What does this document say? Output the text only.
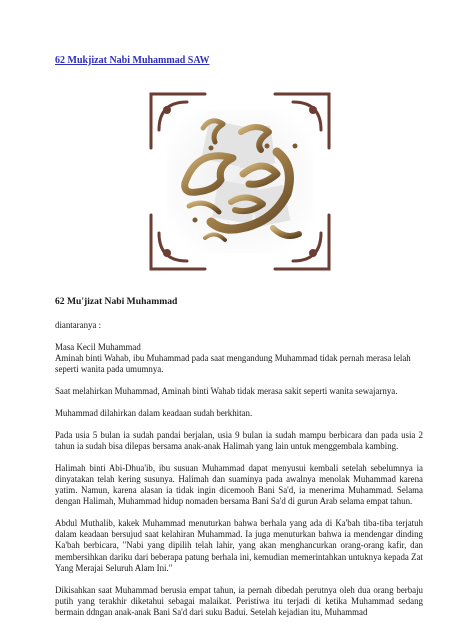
62 Mukjizat Nabi Muhammad SAW
62 Mu'jizat Nabi Muhammad

diantaranya :

Masa Kecil Muhammad
Aminah binti Wahab, ibu Muhammad pada saat mengandung Muhammad tidak pernah merasa lelah seperti wanita pada umumnya.

Saat melahirkan Muhammad, Aminah binti Wahab tidak merasa sakit seperti wanita sewajarnya.

Muhammad dilahirkan dalam keadaan sudah berkhitan.

Pada usia 5 bulan ia sudah pandai berjalan, usia 9 bulan ia sudah mampu berbicara dan pada usia 2 tahun ia sudah bisa dilepas bersama anak-anak Halimah yang lain untuk menggembala kambing.

Halimah binti Abi-Dhua'ib, ibu susuan Muhammad dapat menyusui kembali setelah sebelumnya ia dinyatakan telah kering susunya. Halimah dan suaminya pada awalnya menolak Muhammad karena yatim. Namun, karena alasan ia tidak ingin dicemooh Bani Sa'd, ia menerima Muhammad. Selama dengan Halimah, Muhammad hidup nomaden bersama Bani Sa'd di gurun Arab selama empat tahun.

Abdul Muthalib, kakek Muhammad menuturkan bahwa berhala yang ada di Ka'bah tiba-tiba terjatuh dalam keadaan bersujud saat kelahiran Muhammad. Ia juga menuturkan bahwa ia mendengar dinding Ka'bah berbicara, "Nabi yang dipilih telah lahir, yang akan menghancurkan orang-orang kafir, dan membersihkan dariku dari beberapa patung berhala ini, kemudian memerintahkan untuknya kepada Zat Yang Merajai Seluruh Alam Ini."

Dikisahkan saat Muhammad berusia empat tahun, ia pernah dibedah perutnya oleh dua orang berbaju putih yang terakhir diketahui sebagai malaikat. Peristiwa itu terjadi di ketika Muhammad sedang bermain ddngan anak-anak Bani Sa'd dari suku Badui. Setelah kejadian itu, Muhammad
